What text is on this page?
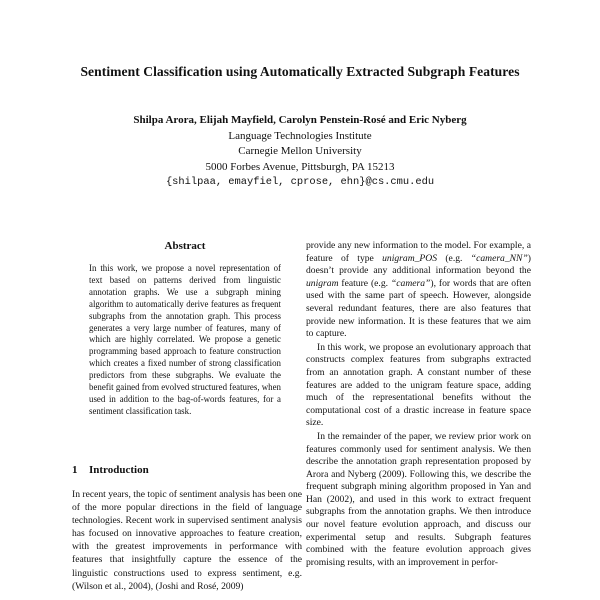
Sentiment Classification using Automatically Extracted Subgraph Features
Shilpa Arora, Elijah Mayfield, Carolyn Penstein-Rosé and Eric Nyberg
Language Technologies Institute
Carnegie Mellon University
5000 Forbes Avenue, Pittsburgh, PA 15213
{shilpaa, emayfiel, cprose, ehn}@cs.cmu.edu
Abstract

In this work, we propose a novel representation of text based on patterns derived from linguistic annotation graphs. We use a subgraph mining algorithm to automatically derive features as frequent subgraphs from the annotation graph. This process generates a very large number of features, many of which are highly correlated. We propose a genetic programming based approach to feature construction which creates a fixed number of strong classification predictors from these subgraphs. We evaluate the benefit gained from evolved structured features, when used in addition to the bag-of-words features, for a sentiment classification task.

1 Introduction

In recent years, the topic of sentiment analysis has been one of the more popular directions in the field of language technologies. Recent work in supervised sentiment analysis has focused on innovative approaches to feature creation, with the greatest improvements in performance with features that insightfully capture the essence of the linguistic constructions used to express sentiment, e.g. (Wilson et al., 2004), (Joshi and Rosé, 2009)

provide any new information to the model. For example, a feature of type unigram_POS (e.g. “camera_NN”) doesn’t provide any additional information beyond the unigram feature (e.g. “camera”), for words that are often used with the same part of speech. However, alongside several redundant features, there are also features that provide new information. It is these features that we aim to capture.

In this work, we propose an evolutionary approach that constructs complex features from subgraphs extracted from an annotation graph. A constant number of these features are added to the unigram feature space, adding much of the representational benefits without the computational cost of a drastic increase in feature space size.

In the remainder of the paper, we review prior work on features commonly used for sentiment analysis. We then describe the annotation graph representation proposed by Arora and Nyberg (2009). Following this, we describe the frequent subgraph mining algorithm proposed in Yan and Han (2002), and used in this work to extract frequent subgraphs from the annotation graphs. We then introduce our novel feature evolution approach, and discuss our experimental setup and results. Subgraph features combined with the feature evolution approach gives promising results, with an improvement in perfor-
